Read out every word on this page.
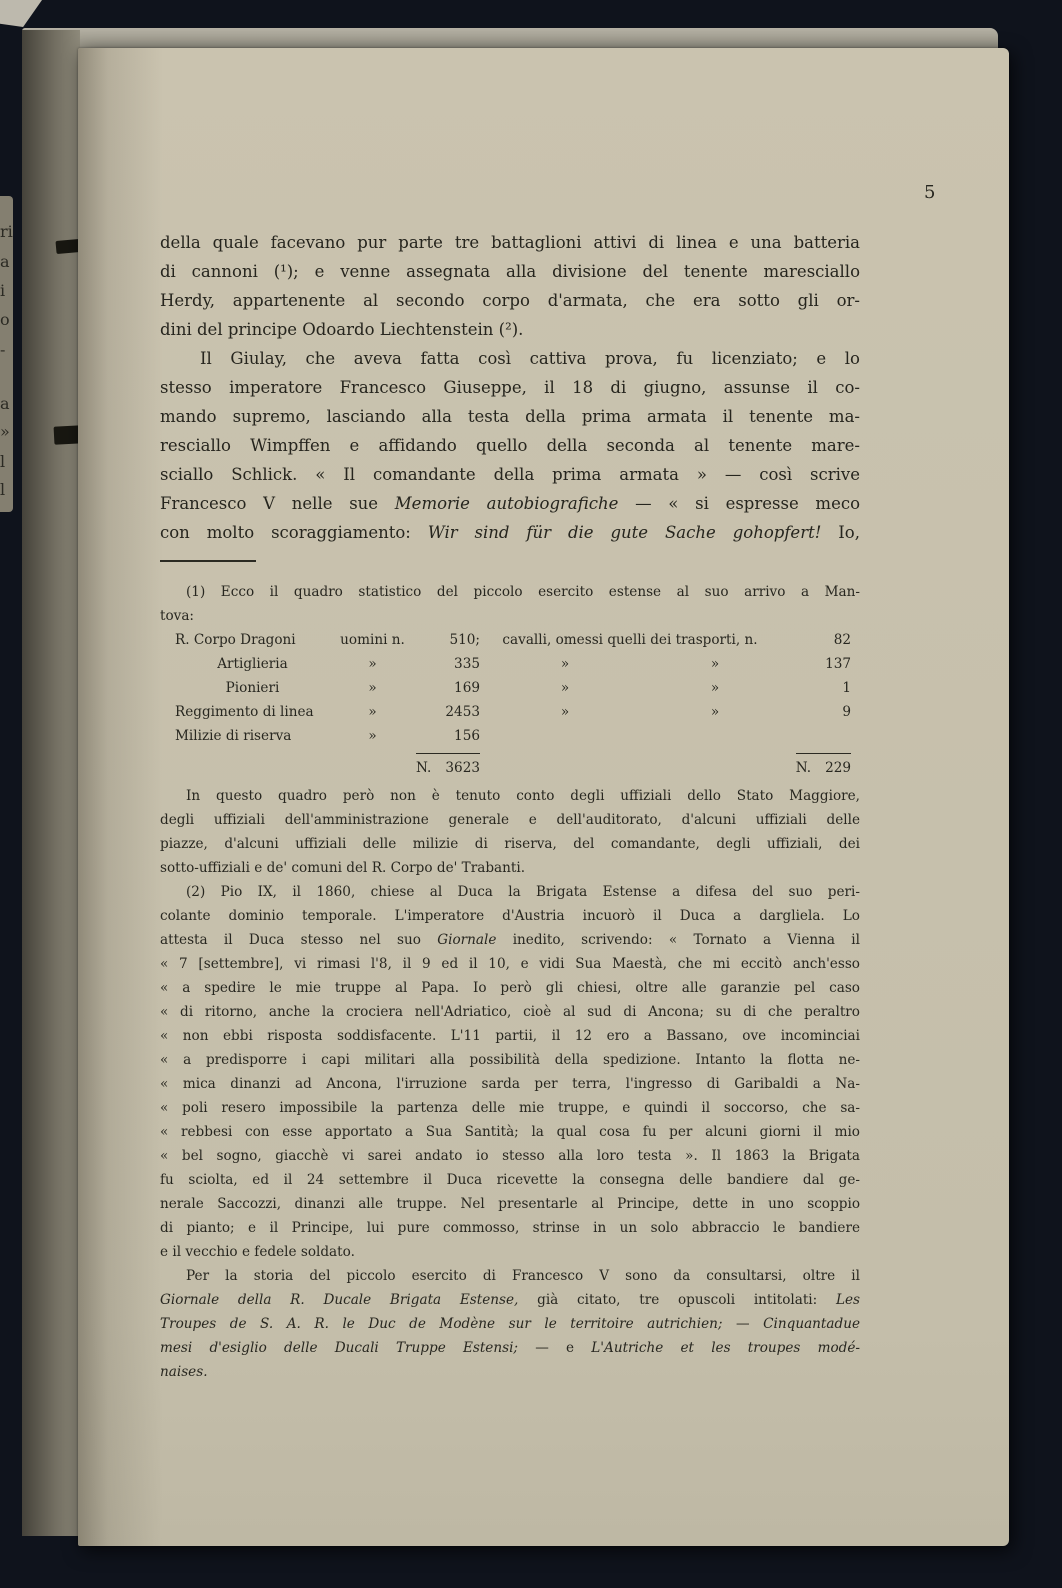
ri
a
i
o
-
a
»
l
l
5
della quale facevano pur parte tre battaglioni attivi di linea e una batteria
di cannoni (¹); e venne assegnata alla divisione del tenente maresciallo
Herdy, appartenente al secondo corpo d'armata, che era sotto gli or-
dini del principe Odoardo Liechtenstein (²).
Il Giulay, che aveva fatta così cattiva prova, fu licenziato; e lo
stesso imperatore Francesco Giuseppe, il 18 di giugno, assunse il co-
mando supremo, lasciando alla testa della prima armata il tenente ma-
resciallo Wimpffen e affidando quello della seconda al tenente mare-
sciallo Schlick. « Il comandante della prima armata » — così scrive
Francesco V nelle sue Memorie autobiografiche — « si espresse meco
con molto scoraggiamento: Wir sind für die gute Sache gohopfert! Io,
(1) Ecco il quadro statistico del piccolo esercito estense al suo arrivo a Man-
tova:
R. Corpo Dragoni	uomini n.	510;	cavalli, omessi quelli dei trasporti, n.		82
Artiglieria	»	335	»	»	137
Pionieri	»	169	»	»	1
Reggimento di linea	»	2453	»	»	9
Milizie di riserva	»	156			
	N. 3623		N. 229		
In questo quadro però non è tenuto conto degli uffiziali dello Stato Maggiore,
degli uffiziali dell'amministrazione generale e dell'auditorato, d'alcuni uffiziali delle
piazze, d'alcuni uffiziali delle milizie di riserva, del comandante, degli uffiziali, dei
sotto-uffiziali e de' comuni del R. Corpo de' Trabanti.
(2) Pio IX, il 1860, chiese al Duca la Brigata Estense a difesa del suo peri-
colante dominio temporale. L'imperatore d'Austria incuorò il Duca a dargliela. Lo
attesta il Duca stesso nel suo Giornale inedito, scrivendo: « Tornato a Vienna il
« 7 [settembre], vi rimasi l'8, il 9 ed il 10, e vidi Sua Maestà, che mi eccitò anch'esso
« a spedire le mie truppe al Papa. Io però gli chiesi, oltre alle garanzie pel caso
« di ritorno, anche la crociera nell'Adriatico, cioè al sud di Ancona; su di che peraltro
« non ebbi risposta soddisfacente. L'11 partii, il 12 ero a Bassano, ove incominciai
« a predisporre i capi militari alla possibilità della spedizione. Intanto la flotta ne-
« mica dinanzi ad Ancona, l'irruzione sarda per terra, l'ingresso di Garibaldi a Na-
« poli resero impossibile la partenza delle mie truppe, e quindi il soccorso, che sa-
« rebbesi con esse apportato a Sua Santità; la qual cosa fu per alcuni giorni il mio
« bel sogno, giacchè vi sarei andato io stesso alla loro testa ». Il 1863 la Brigata
fu sciolta, ed il 24 settembre il Duca ricevette la consegna delle bandiere dal ge-
nerale Saccozzi, dinanzi alle truppe. Nel presentarle al Principe, dette in uno scoppio
di pianto; e il Principe, lui pure commosso, strinse in un solo abbraccio le bandiere
e il vecchio e fedele soldato.
Per la storia del piccolo esercito di Francesco V sono da consultarsi, oltre il
Giornale della R. Ducale Brigata Estense, già citato, tre opuscoli intitolati: Les
Troupes de S. A. R. le Duc de Modène sur le territoire autrichien; — Cinquantadue
mesi d'esiglio delle Ducali Truppe Estensi; — e L'Autriche et les troupes modé-
naises.
